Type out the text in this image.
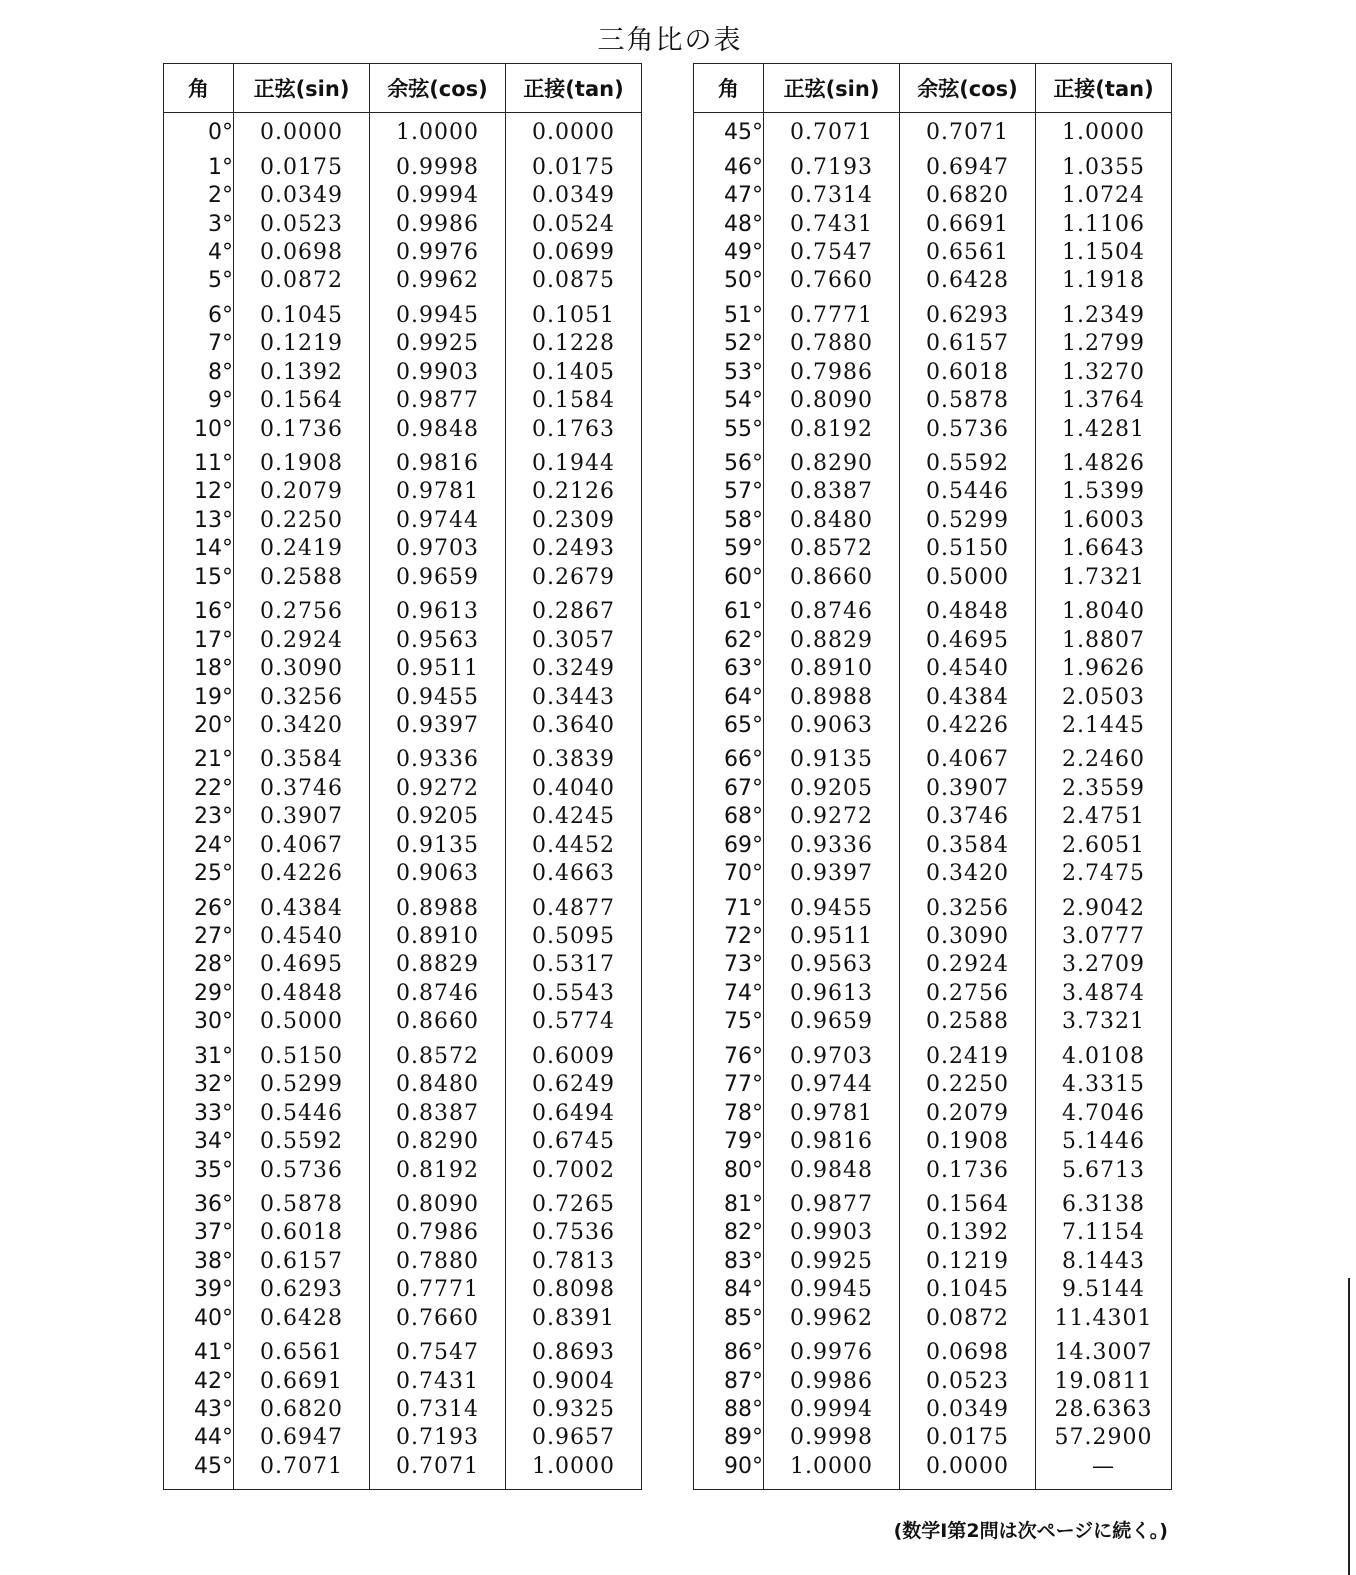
三角比の表
角	正弦(sin)	余弦(cos)	正接(tan)

0°	0.0000	1.0000	0.0000
1°	0.0175	0.9998	0.0175
2°	0.0349	0.9994	0.0349
3°	0.0523	0.9986	0.0524
4°	0.0698	0.9976	0.0699
5°	0.0872	0.9962	0.0875
6°	0.1045	0.9945	0.1051
7°	0.1219	0.9925	0.1228
8°	0.1392	0.9903	0.1405
9°	0.1564	0.9877	0.1584
10°	0.1736	0.9848	0.1763
11°	0.1908	0.9816	0.1944
12°	0.2079	0.9781	0.2126
13°	0.2250	0.9744	0.2309
14°	0.2419	0.9703	0.2493
15°	0.2588	0.9659	0.2679
16°	0.2756	0.9613	0.2867
17°	0.2924	0.9563	0.3057
18°	0.3090	0.9511	0.3249
19°	0.3256	0.9455	0.3443
20°	0.3420	0.9397	0.3640
21°	0.3584	0.9336	0.3839
22°	0.3746	0.9272	0.4040
23°	0.3907	0.9205	0.4245
24°	0.4067	0.9135	0.4452
25°	0.4226	0.9063	0.4663
26°	0.4384	0.8988	0.4877
27°	0.4540	0.8910	0.5095
28°	0.4695	0.8829	0.5317
29°	0.4848	0.8746	0.5543
30°	0.5000	0.8660	0.5774
31°	0.5150	0.8572	0.6009
32°	0.5299	0.8480	0.6249
33°	0.5446	0.8387	0.6494
34°	0.5592	0.8290	0.6745
35°	0.5736	0.8192	0.7002
36°	0.5878	0.8090	0.7265
37°	0.6018	0.7986	0.7536
38°	0.6157	0.7880	0.7813
39°	0.6293	0.7771	0.8098
40°	0.6428	0.7660	0.8391
41°	0.6561	0.7547	0.8693
42°	0.6691	0.7431	0.9004
43°	0.6820	0.7314	0.9325
44°	0.6947	0.7193	0.9657
45°	0.7071	0.7071	1.0000
角	正弦(sin)	余弦(cos)	正接(tan)

45°	0.7071	0.7071	1.0000
46°	0.7193	0.6947	1.0355
47°	0.7314	0.6820	1.0724
48°	0.7431	0.6691	1.1106
49°	0.7547	0.6561	1.1504
50°	0.7660	0.6428	1.1918
51°	0.7771	0.6293	1.2349
52°	0.7880	0.6157	1.2799
53°	0.7986	0.6018	1.3270
54°	0.8090	0.5878	1.3764
55°	0.8192	0.5736	1.4281
56°	0.8290	0.5592	1.4826
57°	0.8387	0.5446	1.5399
58°	0.8480	0.5299	1.6003
59°	0.8572	0.5150	1.6643
60°	0.8660	0.5000	1.7321
61°	0.8746	0.4848	1.8040
62°	0.8829	0.4695	1.8807
63°	0.8910	0.4540	1.9626
64°	0.8988	0.4384	2.0503
65°	0.9063	0.4226	2.1445
66°	0.9135	0.4067	2.2460
67°	0.9205	0.3907	2.3559
68°	0.9272	0.3746	2.4751
69°	0.9336	0.3584	2.6051
70°	0.9397	0.3420	2.7475
71°	0.9455	0.3256	2.9042
72°	0.9511	0.3090	3.0777
73°	0.9563	0.2924	3.2709
74°	0.9613	0.2756	3.4874
75°	0.9659	0.2588	3.7321
76°	0.9703	0.2419	4.0108
77°	0.9744	0.2250	4.3315
78°	0.9781	0.2079	4.7046
79°	0.9816	0.1908	5.1446
80°	0.9848	0.1736	5.6713
81°	0.9877	0.1564	6.3138
82°	0.9903	0.1392	7.1154
83°	0.9925	0.1219	8.1443
84°	0.9945	0.1045	9.5144
85°	0.9962	0.0872	11.4301
86°	0.9976	0.0698	14.3007
87°	0.9986	0.0523	19.0811
88°	0.9994	0.0349	28.6363
89°	0.9998	0.0175	57.2900
90°	1.0000	0.0000	—
(数学Ⅰ第2問は次ページに続く。)
